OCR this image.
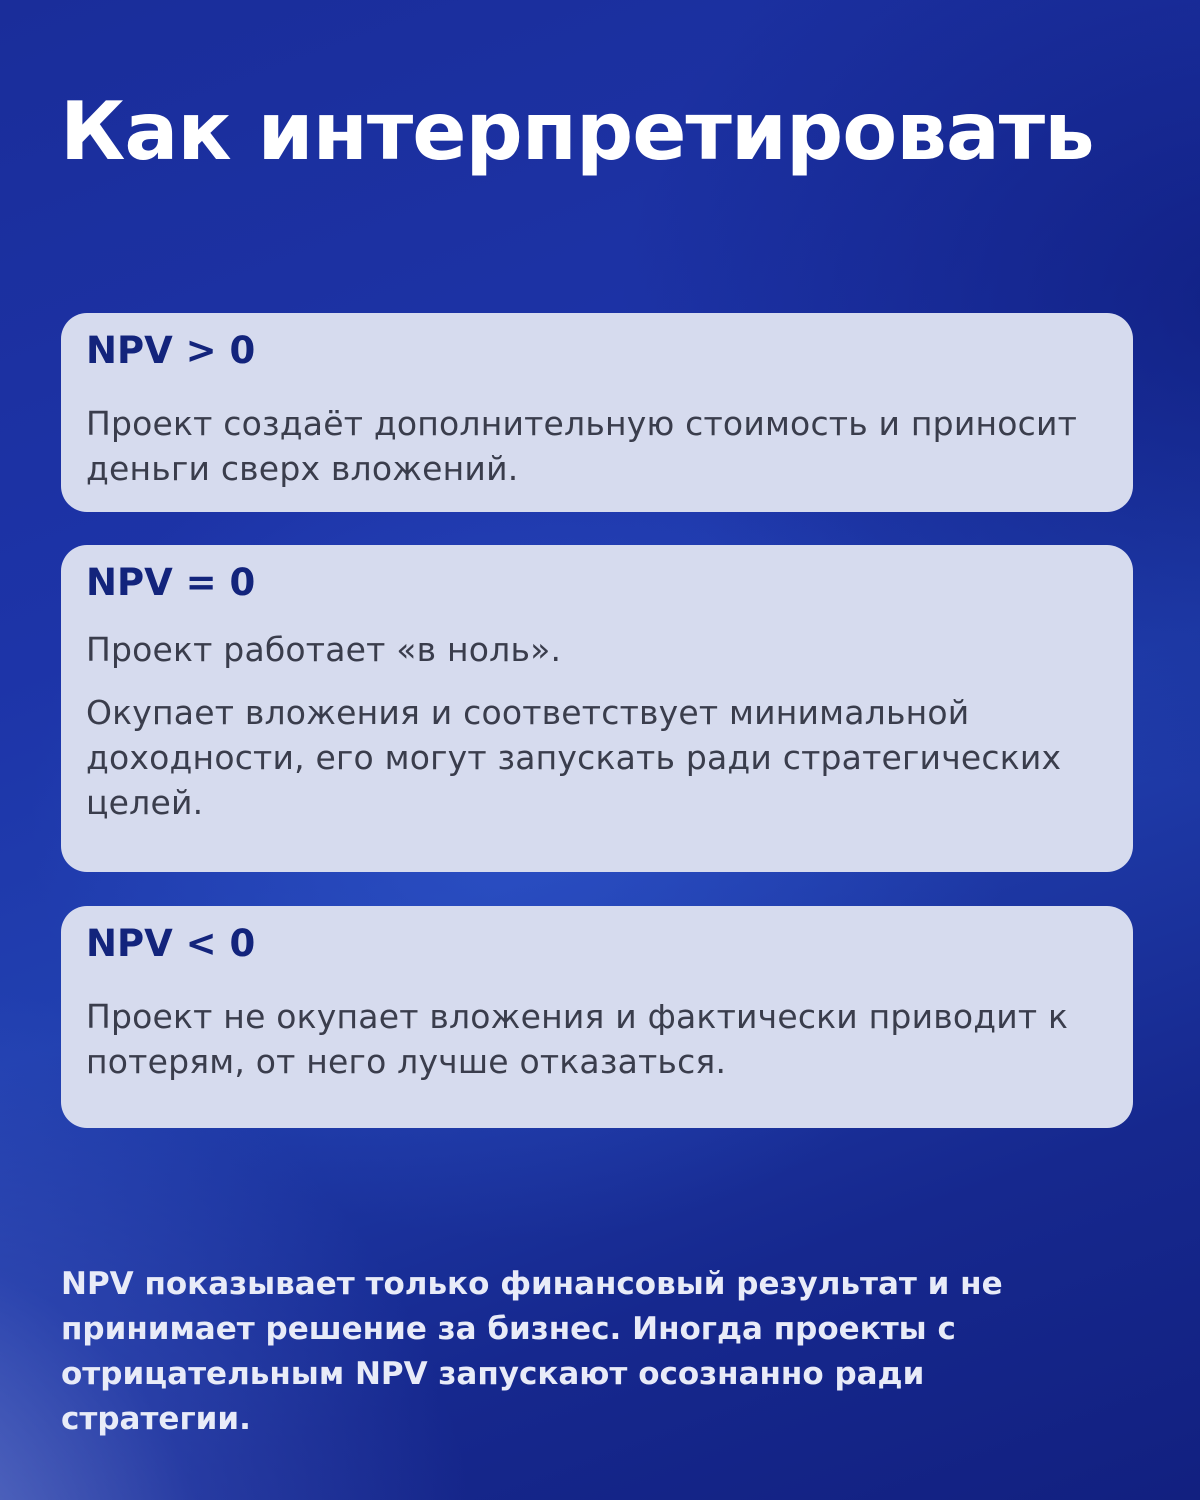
Как интерпретировать

NPV > 0

Проект создаёт дополнительную стоимость и приносит деньги сверх вложений.

NPV = 0

Проект работает «в ноль».

Окупает вложения и соответствует минимальной доходности, его могут запускать ради стратегических целей.

NPV < 0

Проект не окупает вложения и фактически приводит к потерям, от него лучше отказаться.

NPV показывает только финансовый результат и не принимает решение за бизнес. Иногда проекты с отрицательным NPV запускают осознанно ради стратегии.
